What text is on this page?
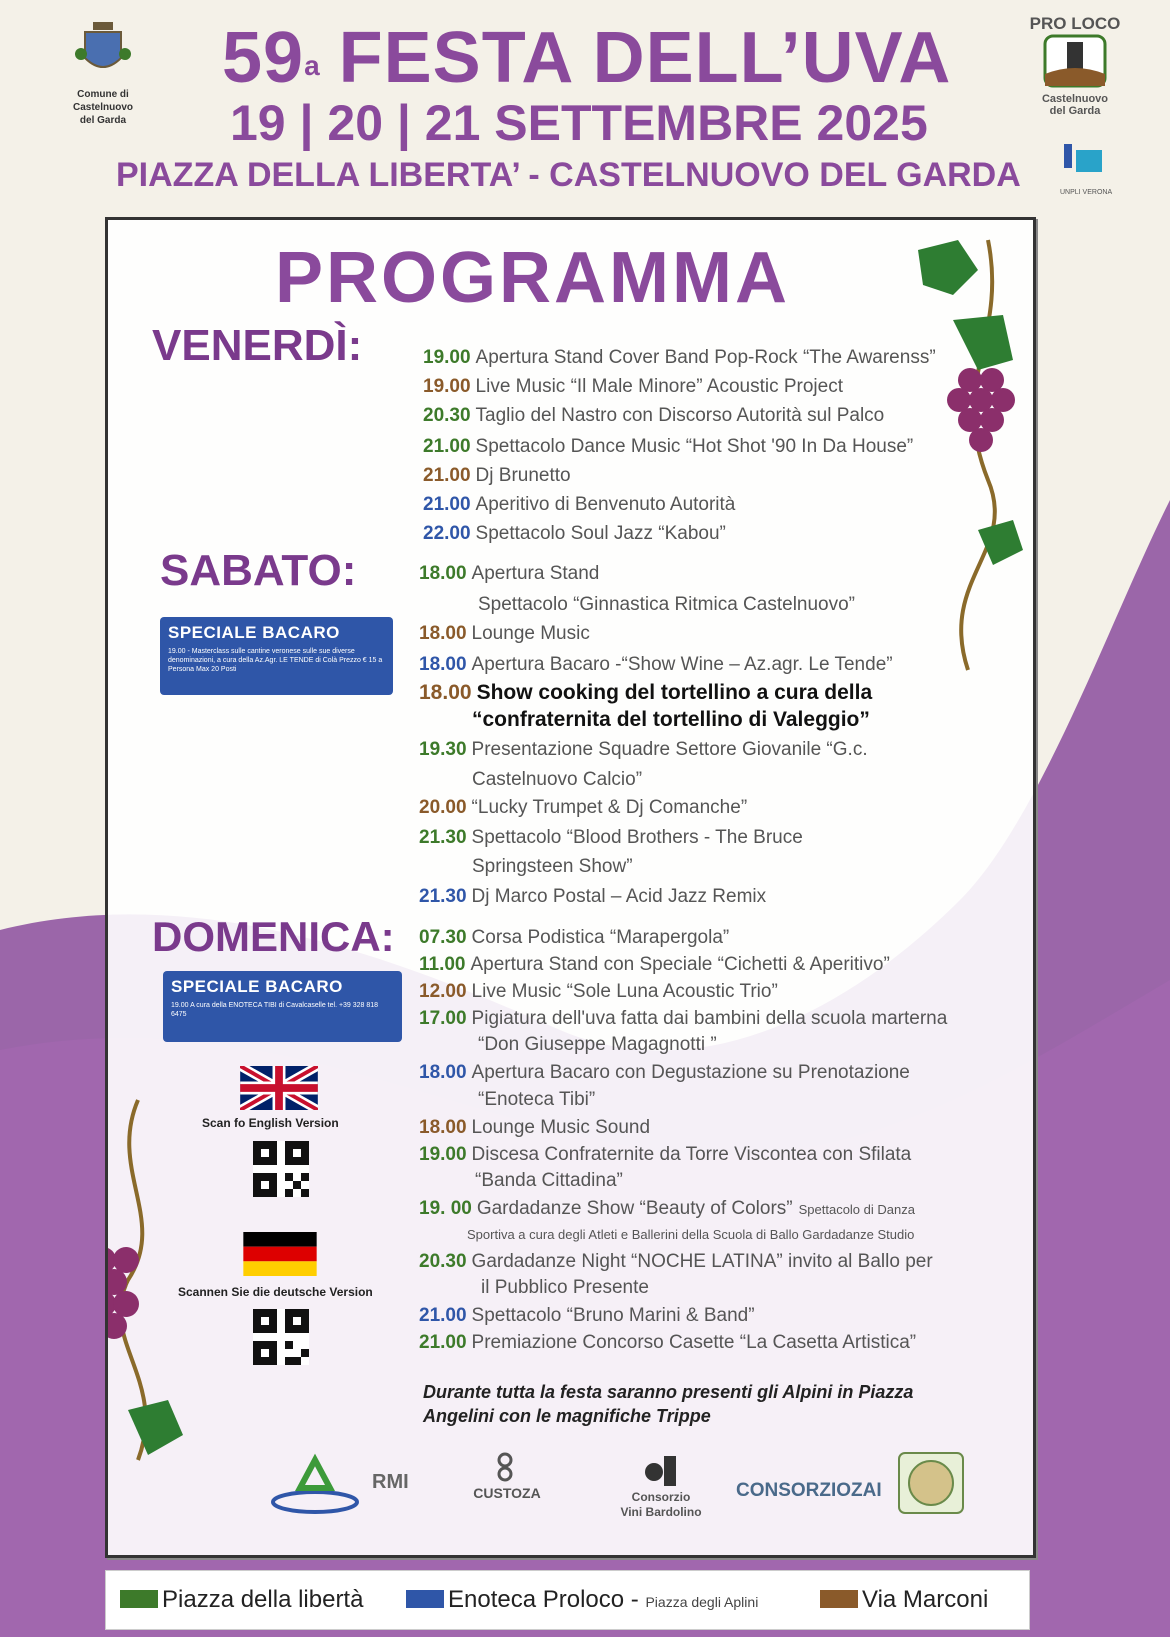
Comune di
Castelnuovo
del Garda
59$^a$ FESTA DELL’UVA
19 | 20 | 21 SETTEMBRE 2025
PIAZZA DELLA LIBERTA’ - CASTELNUOVO DEL GARDA
PRO LOCO
Castelnuovo
del Garda
UNPLI VERONA
PROGRAMMA
VENERDÌ:	19.00 Apertura Stand Cover Band Pop-Rock “The Awarenss”
19.00 Live Music “Il Male Minore” Acoustic Project
20.30 Taglio del Nastro con Discorso Autorità sul Palco
21.00 Spettacolo Dance Music “Hot Shot '90 In Da House”
21.00 Dj Brunetto
21.00 Aperitivo di Benvenuto Autorità
22.00 Spettacolo Soul Jazz “Kabou”
SABATO:
SPECIALE BACARO
19.00 - Masterclass sulle cantine veronese sulle sue diverse denominazioni, a cura della Az.Agr. LE TENDE di Colà Prezzo € 15 a Persona Max 20 Posti
18.00 Apertura Stand
Spettacolo “Ginnastica Ritmica Castelnuovo”
18.00 Lounge Music
18.00 Apertura Bacaro -“Show Wine – Az.agr. Le Tende”
18.00 Show cooking del tortellino a cura della
“confraternita del tortellino di Valeggio”
19.30 Presentazione Squadre Settore Giovanile “G.c.
Castelnuovo Calcio”
20.00 “Lucky Trumpet & Dj Comanche”
21.30 Spettacolo “Blood Brothers - The Bruce
Springsteen Show”
21.30 Dj Marco Postal – Acid Jazz Remix
DOMENICA:
SPECIALE BACARO
19.00 A cura della ENOTECA TIBI di Cavalcaselle tel. +39 328 818 6475
07.30 Corsa Podistica “Marapergola”
11.00 Apertura Stand con Speciale “Cichetti & Aperitivo”
12.00 Live Music “Sole Luna Acoustic Trio”
17.00 Pigiatura dell'uva fatta dai bambini della scuola marterna
“Don Giuseppe Magagnotti ”
18.00 Apertura Bacaro con Degustazione su Prenotazione
“Enoteca Tibi”
18.00 Lounge Music Sound
19.00 Discesa Confraternite da Torre Viscontea con Sfilata
“Banda Cittadina”
19. 00 Gardadanze Show “Beauty of Colors” Spettacolo di Danza
Sportiva a cura degli Atleti e Ballerini della Scuola di Ballo Gardadanze Studio
20.30 Gardadanze Night “NOCHE LATINA” invito al Ballo per
il Pubblico Presente
21.00 Spettacolo “Bruno Marini & Band”
21.00 Premiazione Concorso Casette “La Casetta Artistica”
Scan fo English Version
Scannen Sie die deutsche Version
Durante tutta la festa saranno presenti gli Alpini in Piazza Angelini con le magnifiche Trippe
RMI	CUSTOZA	Consorzio
Vini Bardolino
CONSORZIOZAI
Piazza della libertà	Enoteca Proloco - Piazza degli Aplini	Via Marconi
